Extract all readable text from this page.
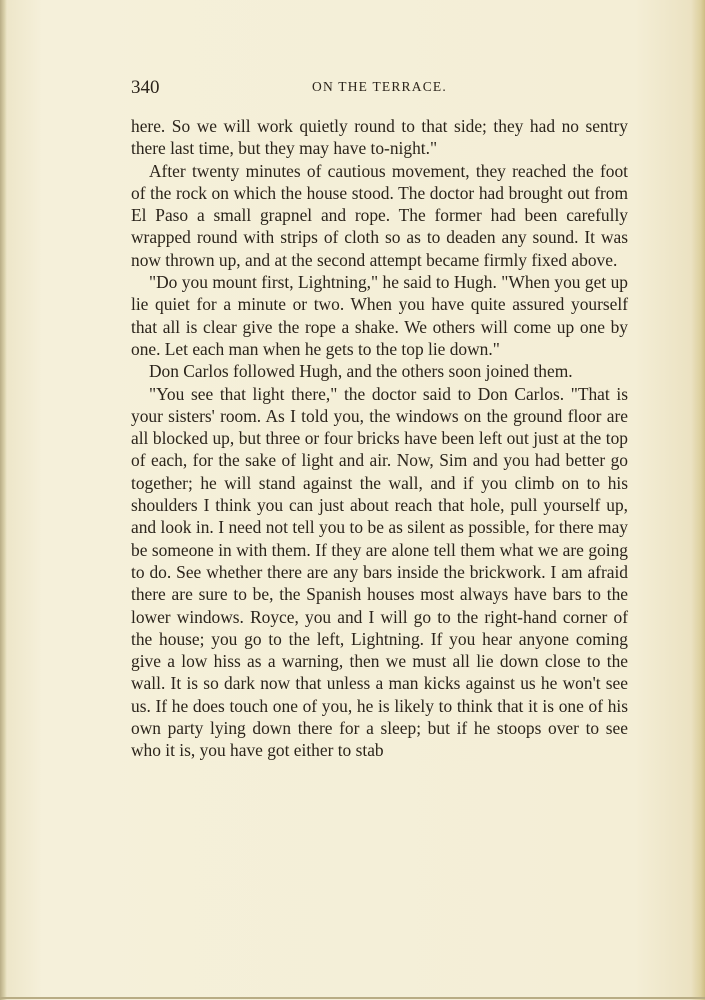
340	ON THE TERRACE.

here. So we will work quietly round to that side; they had no sentry there last time, but they may have to-night."

After twenty minutes of cautious movement, they reached the foot of the rock on which the house stood. The doctor had brought out from El Paso a small grapnel and rope. The former had been carefully wrapped round with strips of cloth so as to deaden any sound. It was now thrown up, and at the second attempt became firmly fixed above.

"Do you mount first, Lightning," he said to Hugh. "When you get up lie quiet for a minute or two. When you have quite assured yourself that all is clear give the rope a shake. We others will come up one by one. Let each man when he gets to the top lie down."

Don Carlos followed Hugh, and the others soon joined them.

"You see that light there," the doctor said to Don Carlos. "That is your sisters' room. As I told you, the windows on the ground floor are all blocked up, but three or four bricks have been left out just at the top of each, for the sake of light and air. Now, Sim and you had better go together; he will stand against the wall, and if you climb on to his shoulders I think you can just about reach that hole, pull yourself up, and look in. I need not tell you to be as silent as possible, for there may be someone in with them. If they are alone tell them what we are going to do. See whether there are any bars inside the brickwork. I am afraid there are sure to be, the Spanish houses most always have bars to the lower windows. Royce, you and I will go to the right-hand corner of the house; you go to the left, Lightning. If you hear anyone coming give a low hiss as a warning, then we must all lie down close to the wall. It is so dark now that unless a man kicks against us he won't see us. If he does touch one of you, he is likely to think that it is one of his own party lying down there for a sleep; but if he stoops over to see who it is, you have got either to stab
